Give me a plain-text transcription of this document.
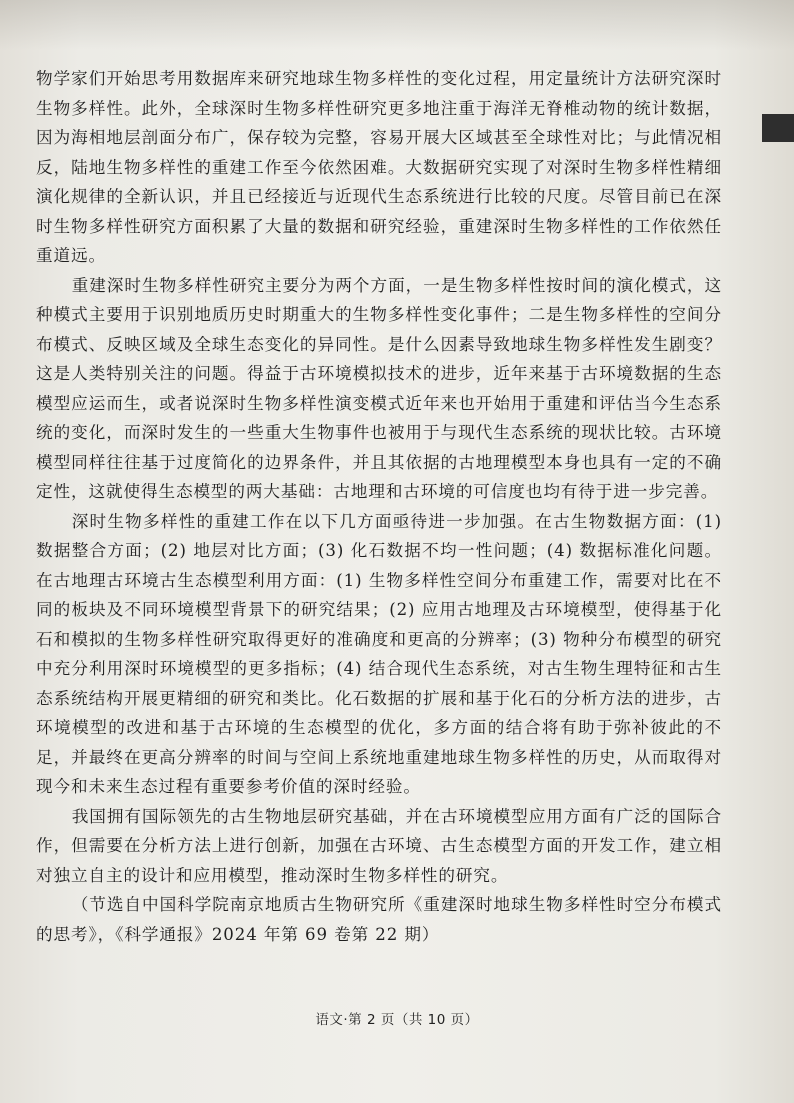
物学家们开始思考用数据库来研究地球生物多样性的变化过程，用定量统计方法研究深时生物多样性。此外，全球深时生物多样性研究更多地注重于海洋无脊椎动物的统计数据，因为海相地层剖面分布广，保存较为完整，容易开展大区域甚至全球性对比；与此情况相反，陆地生物多样性的重建工作至今依然困难。大数据研究实现了对深时生物多样性精细演化规律的全新认识，并且已经接近与近现代生态系统进行比较的尺度。尽管目前已在深时生物多样性研究方面积累了大量的数据和研究经验，重建深时生物多样性的工作依然任重道远。

重建深时生物多样性研究主要分为两个方面，一是生物多样性按时间的演化模式，这种模式主要用于识别地质历史时期重大的生物多样性变化事件；二是生物多样性的空间分布模式、反映区域及全球生态变化的异同性。是什么因素导致地球生物多样性发生剧变？这是人类特别关注的问题。得益于古环境模拟技术的进步，近年来基于古环境数据的生态模型应运而生，或者说深时生物多样性演变模式近年来也开始用于重建和评估当今生态系统的变化，而深时发生的一些重大生物事件也被用于与现代生态系统的现状比较。古环境模型同样往往基于过度简化的边界条件，并且其依据的古地理模型本身也具有一定的不确定性，这就使得生态模型的两大基础：古地理和古环境的可信度也均有待于进一步完善。

深时生物多样性的重建工作在以下几方面亟待进一步加强。在古生物数据方面：(1) 数据整合方面；(2) 地层对比方面；(3) 化石数据不均一性问题；(4) 数据标准化问题。在古地理古环境古生态模型利用方面：(1) 生物多样性空间分布重建工作，需要对比在不同的板块及不同环境模型背景下的研究结果；(2) 应用古地理及古环境模型，使得基于化石和模拟的生物多样性研究取得更好的准确度和更高的分辨率；(3) 物种分布模型的研究中充分利用深时环境模型的更多指标；(4) 结合现代生态系统，对古生物生理特征和古生态系统结构开展更精细的研究和类比。化石数据的扩展和基于化石的分析方法的进步，古环境模型的改进和基于古环境的生态模型的优化，多方面的结合将有助于弥补彼此的不足，并最终在更高分辨率的时间与空间上系统地重建地球生物多样性的历史，从而取得对现今和未来生态过程有重要参考价值的深时经验。

我国拥有国际领先的古生物地层研究基础，并在古环境模型应用方面有广泛的国际合作，但需要在分析方法上进行创新，加强在古环境、古生态模型方面的开发工作，建立相对独立自主的设计和应用模型，推动深时生物多样性的研究。

（节选自中国科学院南京地质古生物研究所《重建深时地球生物多样性时空分布模式的思考》，《科学通报》2024 年第 69 卷第 22 期）

语文·第 2 页（共 10 页）
